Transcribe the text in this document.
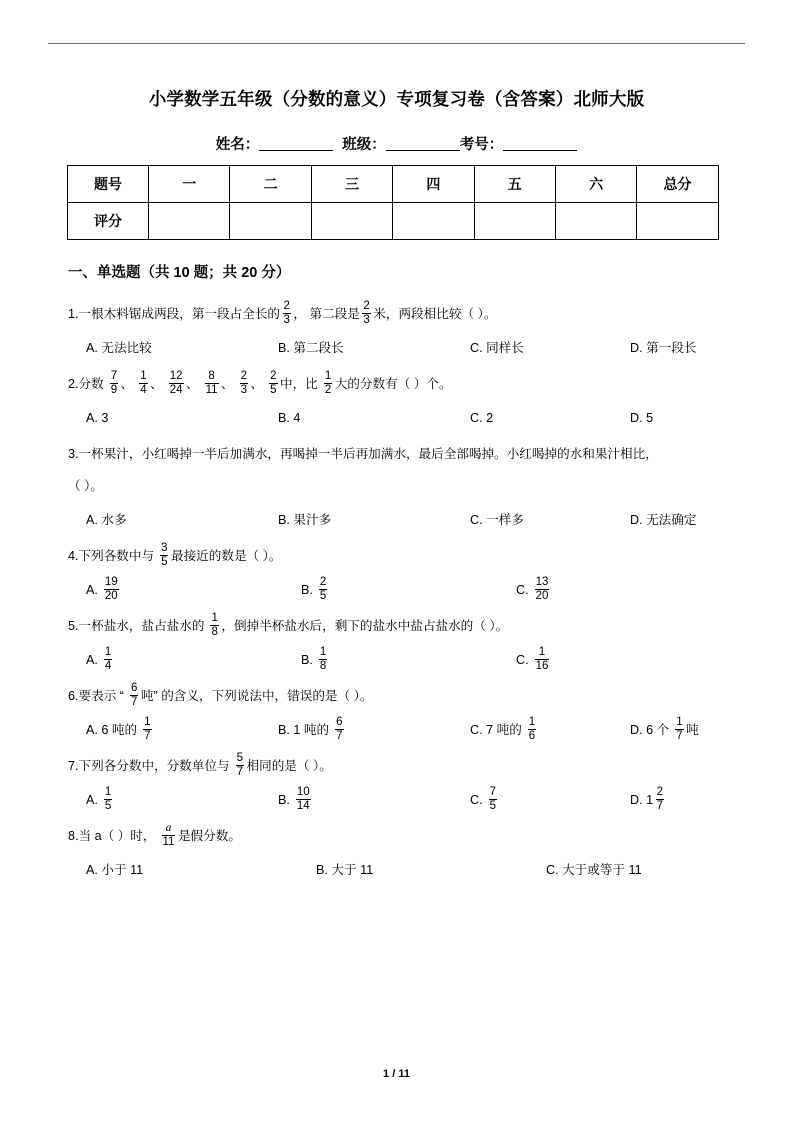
小学数学五年级（分数的意义）专项复习卷（含答案）北师大版
姓名：	班级：	考号：
题号	一	二	三	四	五	六	总分
评分							
一、单选题（共 10 题；共 20 分）

1.一根木料锯成两段，第一段占全长的 $\frac{2}{3}$ ， 第二段是 $\frac{2}{3}$ 米，两段相比较（ ）。

A. 无法比较	B. 第二段长	C. 同样长	D. 第一段长

2.分数 $\frac{7}{9}$ 、 $\frac{1}{4}$ 、 $\frac{12}{24}$ 、 $\frac{8}{11}$ 、 $\frac{2}{3}$ 、 $\frac{2}{5}$ 中，比 $\frac{1}{2}$ 大的分数有（ ）个。

A. 3	B. 4	C. 2	D. 5

3.一杯果汁，小红喝掉一半后加满水，再喝掉一半后再加满水，最后全部喝掉。小红喝掉的水和果汁相比，

（ ）。

A. 水多	B. 果汁多	C. 一样多	D. 无法确定

4.下列各数中与 $\frac{3}{5}$ 最接近的数是（ ）。

A. $\frac{19}{20}$	B. $\frac{2}{5}$	C. $\frac{13}{20}$

5.一杯盐水，盐占盐水的 $\frac{1}{8}$ ，倒掉半杯盐水后，剩下的盐水中盐占盐水的（ ）。

A. $\frac{1}{4}$	B. $\frac{1}{8}$	C. $\frac{1}{16}$

6.要表示 “ $\frac{6}{7}$ 吨” 的含义，下列说法中，错误的是（ ）。

A. 6 吨的 $\frac{1}{7}$	B. 1 吨的 $\frac{6}{7}$	C. 7 吨的 $\frac{1}{6}$	D. 6 个 $\frac{1}{7}$ 吨

7.下列各分数中，分数单位与 $\frac{5}{7}$ 相同的是（ ）。

A. $\frac{1}{5}$	B. $\frac{10}{14}$	C. $\frac{7}{5}$	D. $1 \frac{2}{7}$

8.当 a（ ）时， $\frac{a}{11}$ 是假分数。

A. 小于 11	B. 大于 11	C. 大于或等于 11
1 / 11
